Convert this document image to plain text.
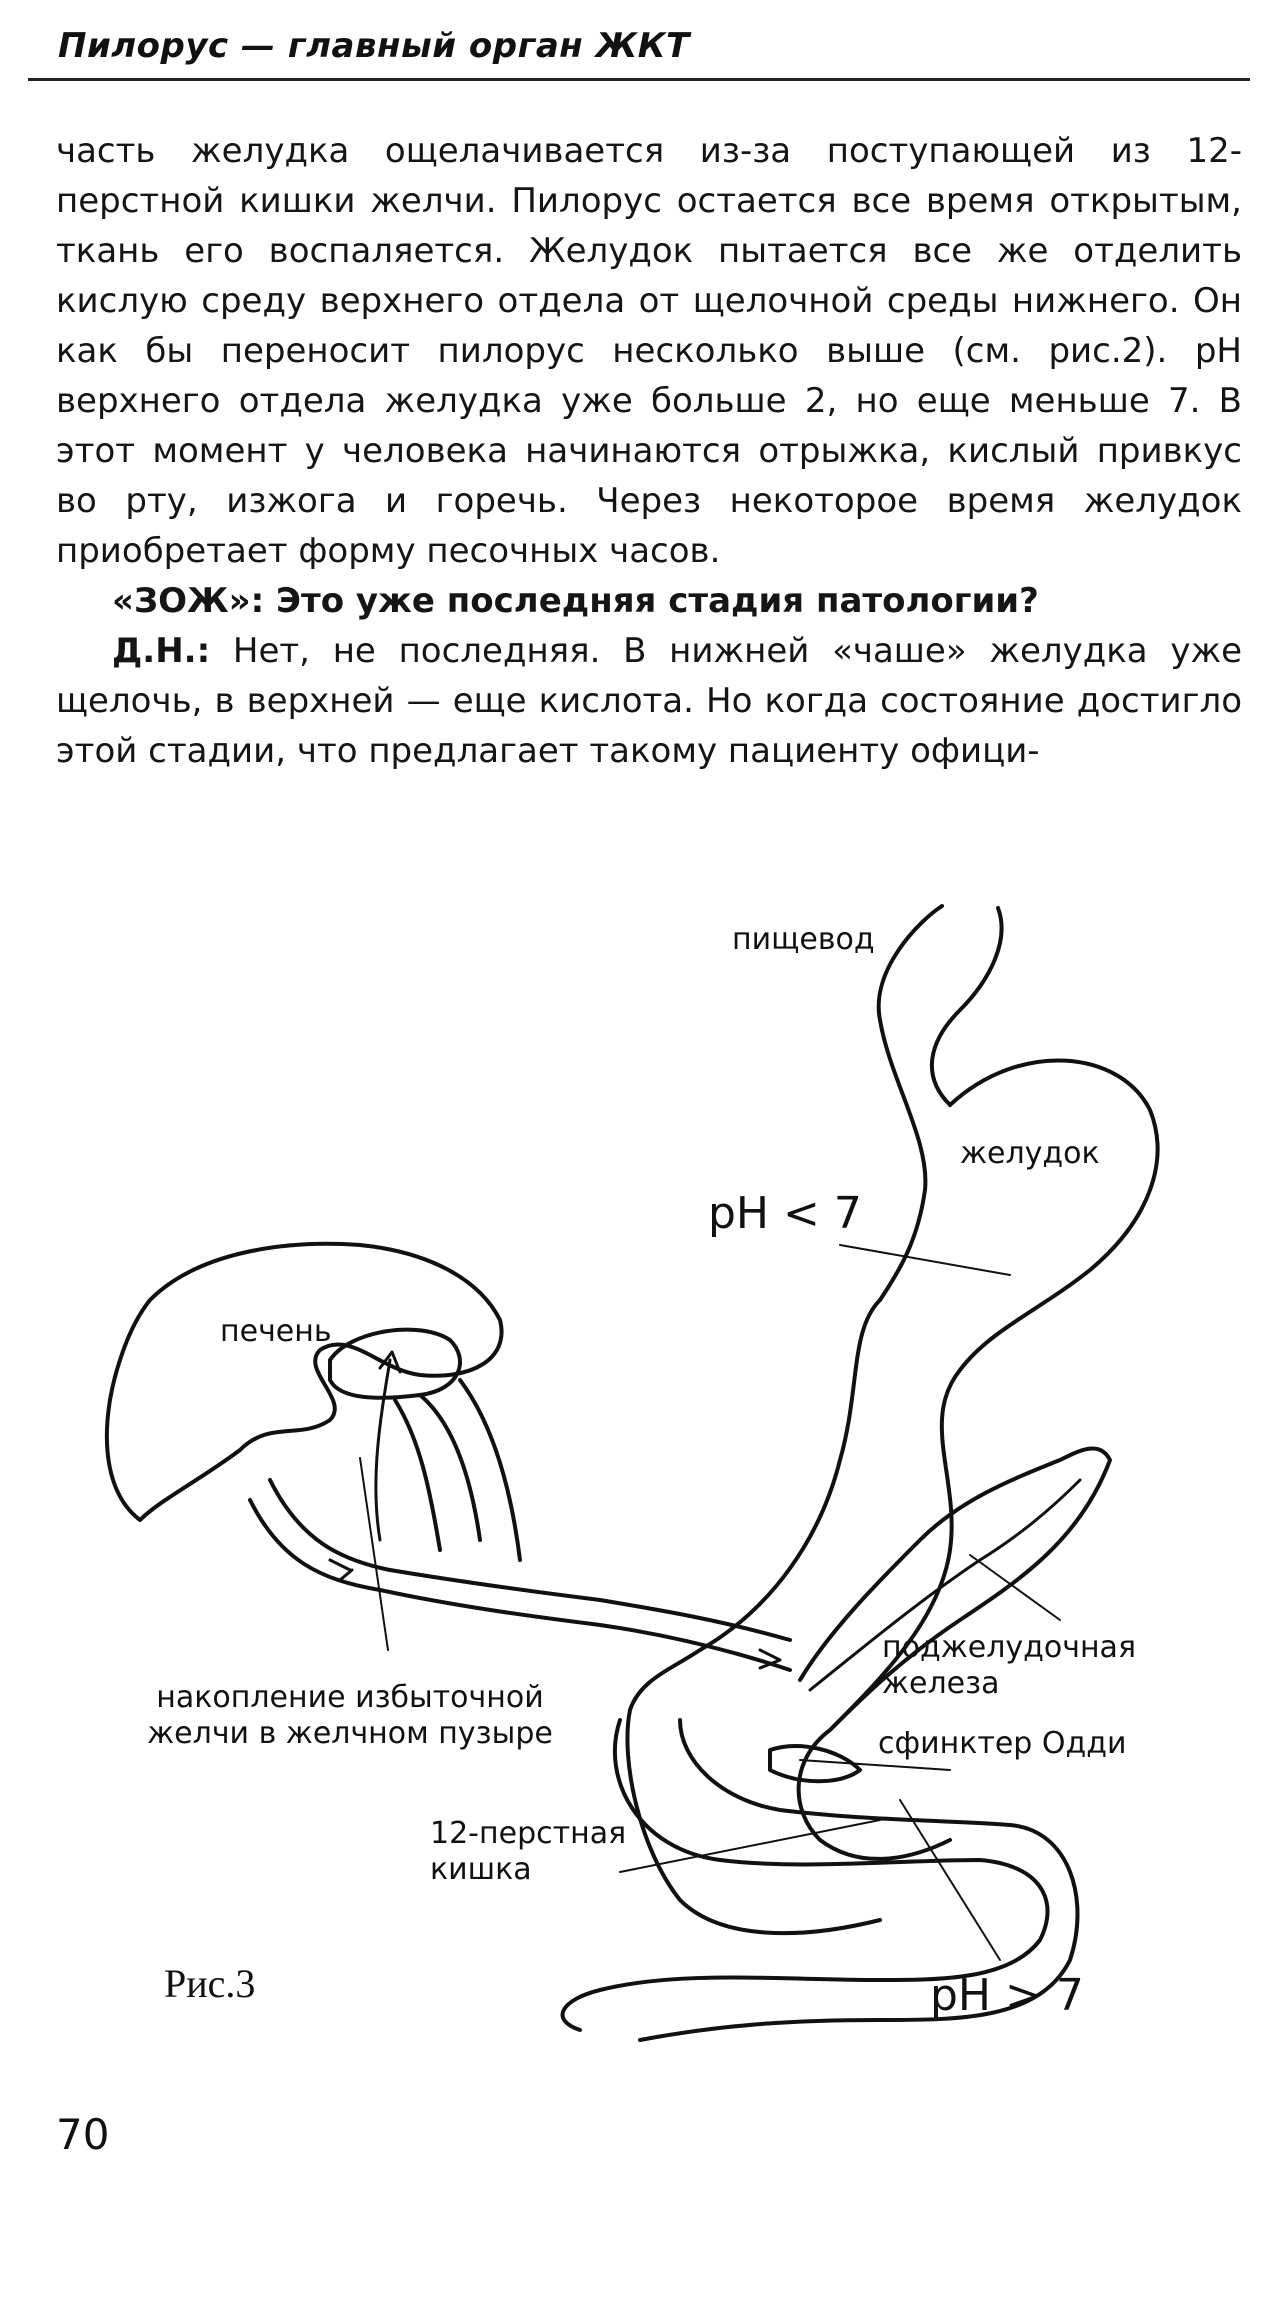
Пилорус — главный орган ЖКТ

часть желудка ощелачивается из-за поступающей из 12-перстной кишки желчи. Пилорус остается все время открытым, ткань его воспаляется. Желудок пытается все же отделить кислую среду верхнего отдела от щелочной среды нижнего. Он как бы переносит пилорус несколько выше (см. рис.2). pH верхнего отдела желудка уже больше 2, но еще меньше 7. В этот момент у человека начинаются отрыжка, кислый привкус во рту, изжога и горечь. Через некоторое время желудок приобретает форму песочных часов.

«ЗОЖ»: Это уже последняя стадия патологии?

Д.Н.: Нет, не последняя. В нижней «чаше» желудка уже щелочь, в верхней — еще кислота. Но когда состояние достигло этой стадии, что предлагает такому пациенту офици-

пищевод
желудок
pH < 7
печень
поджелудочная
железа
накопление избыточной
желчи в желчном пузыре	сфинктер Одди
12-перстная
кишка
pH > 7
Рис.3
70
